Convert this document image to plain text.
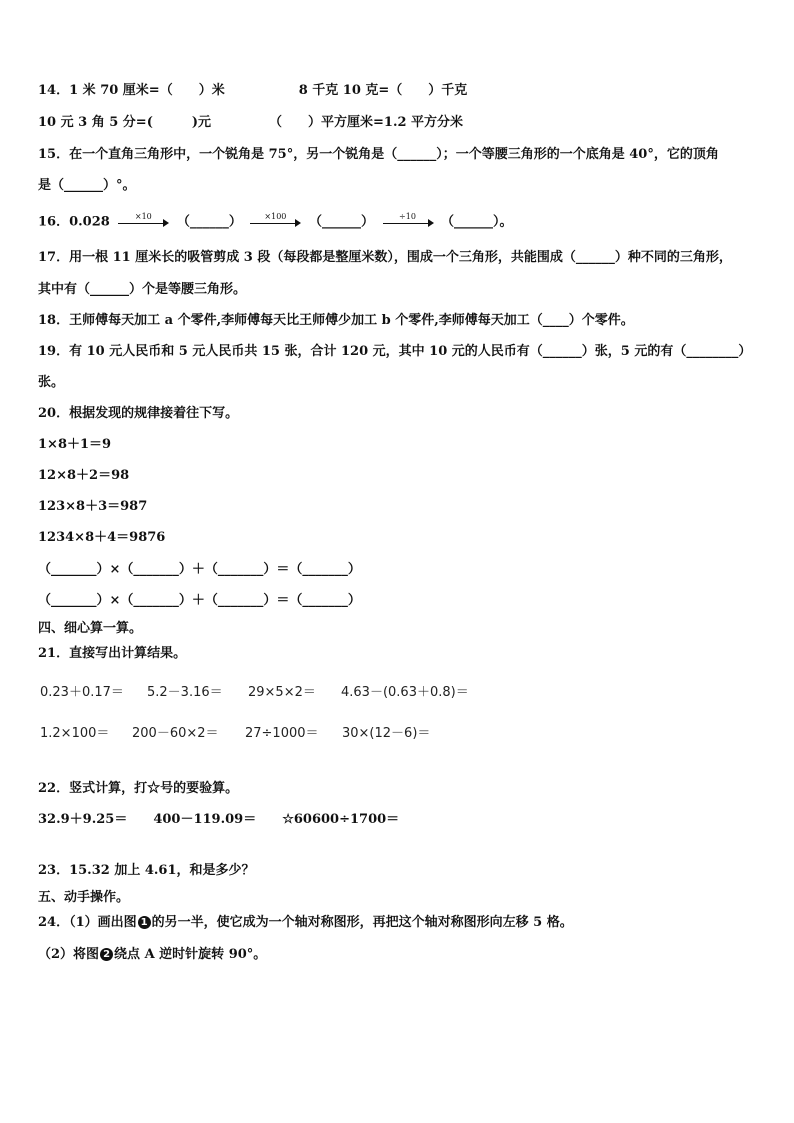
14．1 米 70 厘米=（　　）米	8 千克 10 克=（　　）千克
10 元 3 角 5 分=(　　　)元	（　　）平方厘米=1.2 平方分米
15．在一个直角三角形中，一个锐角是 75°，另一个锐角是（______）；一个等腰三角形的一个底角是 40°，它的顶角
是（______）°。
16．0.028	×10	（______）	×100	（______）	÷10	（______）。
17．用一根 11 厘米长的吸管剪成 3 段（每段都是整厘米数），围成一个三角形，共能围成（______）种不同的三角形，
其中有（______）个是等腰三角形。
18．王师傅每天加工 a 个零件,李师傅每天比王师傅少加工 b 个零件,李师傅每天加工（____）个零件。
19．有 10 元人民币和 5 元人民币共 15 张，合计 120 元，其中 10 元的人民币有（______）张，5 元的有（________）
张。
20．根据发现的规律接着往下写。
1×8＋1＝9
12×8＋2＝98
123×8＋3＝987
1234×8＋4＝9876
（_______）×（_______）＋（_______）＝（_______）
（_______）×（_______）＋（_______）＝（_______）
四、细心算一算。
21．直接写出计算结果。
0.23＋0.17＝ 5.2－3.16＝ 29×5×2＝ 4.63－(0.63＋0.8)＝
1.2×100＝ 200－60×2＝ 27÷1000＝ 30×(12－6)＝
22．竖式计算，打☆号的要验算。
32.9＋9.25＝ 400－119.09＝ ☆60600÷1700＝
23．15.32 加上 4.61，和是多少？
五、动手操作。
24．（1）画出图 1 的另一半，使它成为一个轴对称图形，再把这个轴对称图形向左移 5 格。
（2）将图 2 绕点 A 逆时针旋转 90°。
